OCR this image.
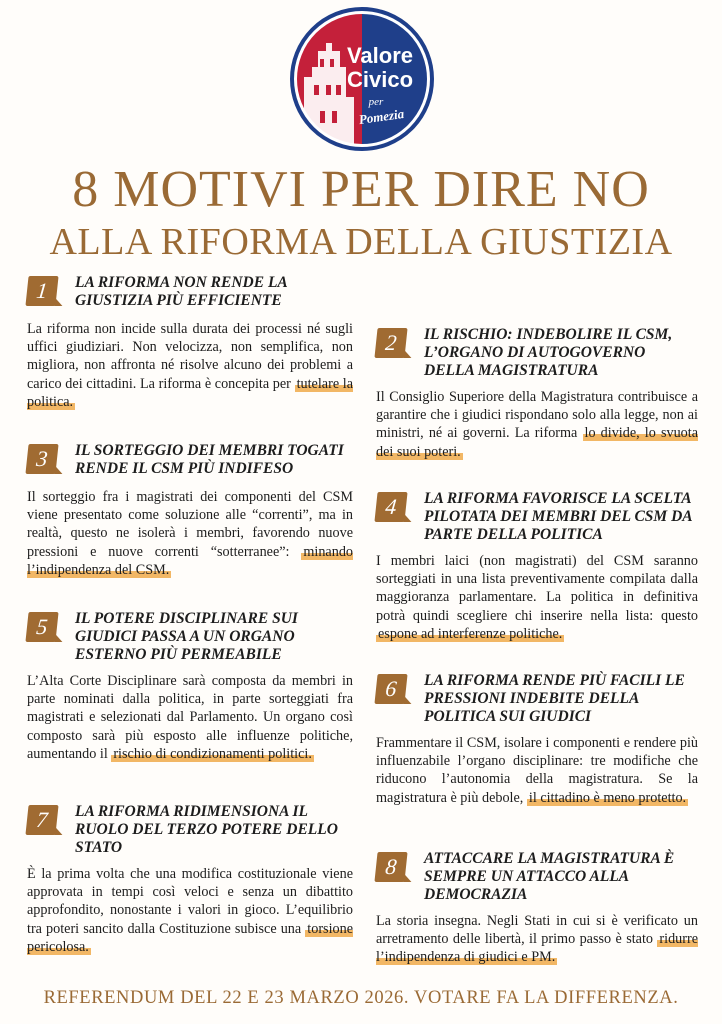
Valore
Civico
per
Pomezia
8 MOTIVI PER DIRE NO
ALLA RIFORMA DELLA GIUSTIZIA
1	LA RIFORMA NON RENDE LA GIUSTIZIA PIÙ EFFICIENTE

La riforma non incide sulla durata dei processi né sugli uffici giudiziari. Non velocizza, non semplifica, non migliora, non affronta né risolve alcuno dei problemi a carico dei cittadini. La riforma è concepita per tutelare la politica.
3	IL SORTEGGIO DEI MEMBRI TOGATI RENDE IL CSM PIÙ INDIFESO

Il sorteggio fra i magistrati dei componenti del CSM viene presentato come soluzione alle “correnti”, ma in realtà, questo ne isolerà i membri, favorendo nuove pressioni e nuove correnti “sotterranee”: minando l’indipendenza del CSM.
5	IL POTERE DISCIPLINARE SUI GIUDICI PASSA A UN ORGANO ESTERNO PIÙ PERMEABILE

L’Alta Corte Disciplinare sarà composta da membri in parte nominati dalla politica, in parte sorteggiati fra magistrati e selezionati dal Parlamento. Un organo così composto sarà più esposto alle influenze politiche, aumentando il rischio di condizionamenti politici.
7	LA RIFORMA RIDIMENSIONA IL RUOLO DEL TERZO POTERE DELLO STATO

È la prima volta che una modifica costituzionale viene approvata in tempi così veloci e senza un dibattito approfondito, nonostante i valori in gioco. L’equilibrio tra poteri sancito dalla Costituzione subisce una torsione pericolosa.
2	IL RISCHIO: INDEBOLIRE IL CSM, L’ORGANO DI AUTOGOVERNO DELLA MAGISTRATURA

Il Consiglio Superiore della Magistratura contribuisce a garantire che i giudici rispondano solo alla legge, non ai ministri, né ai governi. La riforma lo divide, lo svuota dei suoi poteri.
4	LA RIFORMA FAVORISCE LA SCELTA PILOTATA DEI MEMBRI DEL CSM DA PARTE DELLA POLITICA

I membri laici (non magistrati) del CSM saranno sorteggiati in una lista preventivamente compilata dalla maggioranza parlamentare. La politica in definitiva potrà quindi scegliere chi inserire nella lista: questo espone ad interferenze politiche.
6	LA RIFORMA RENDE PIÙ FACILI LE PRESSIONI INDEBITE DELLA POLITICA SUI GIUDICI

Frammentare il CSM, isolare i componenti e rendere più influenzabile l’organo disciplinare: tre modifiche che riducono l’autonomia della magistratura. Se la magistratura è più debole, il cittadino è meno protetto.
8	ATTACCARE LA MAGISTRATURA È SEMPRE UN ATTACCO ALLA DEMOCRAZIA

La storia insegna. Negli Stati in cui si è verificato un arretramento delle libertà, il primo passo è stato ridurre l’indipendenza di giudici e PM.
REFERENDUM DEL 22 E 23 MARZO 2026. VOTARE FA LA DIFFERENZA.
